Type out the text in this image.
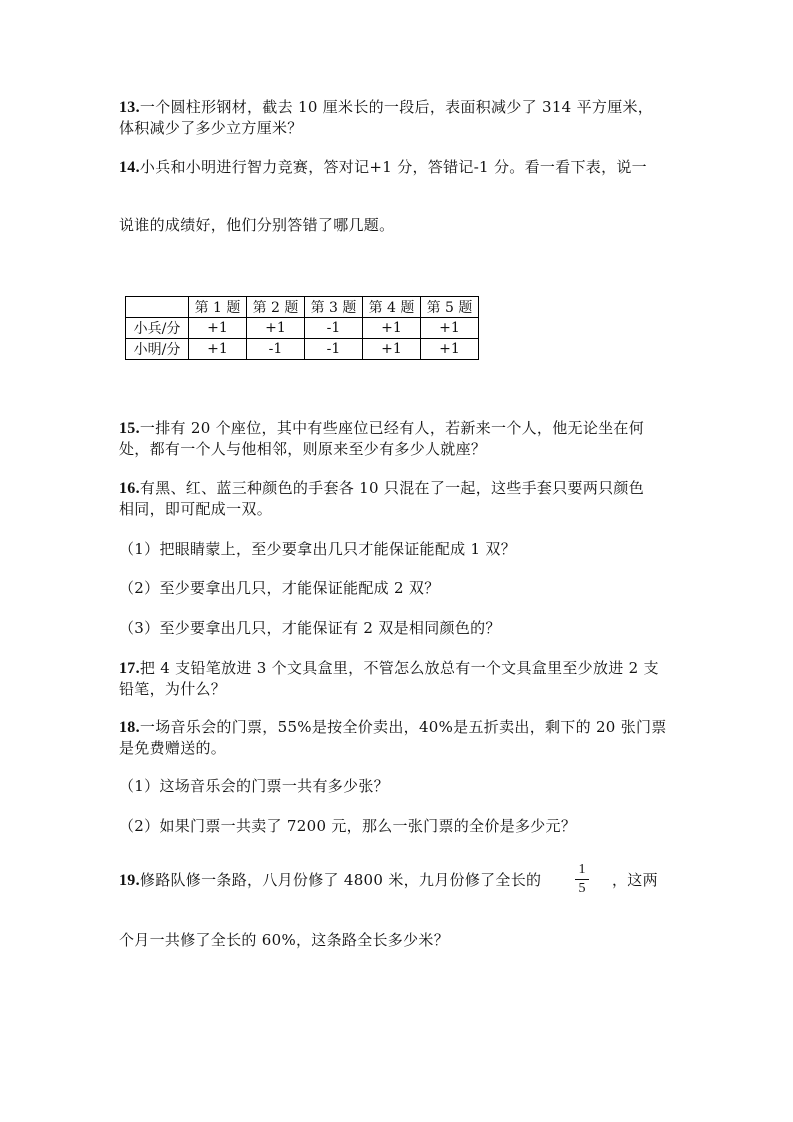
13.一个圆柱形钢材，截去 10 厘米长的一段后，表面积减少了 314 平方厘米，
体积减少了多少立方厘米？
14.小兵和小明进行智力竞赛，答对记+1 分，答错记-1 分。看一看下表，说一
说谁的成绩好，他们分别答错了哪几题。
	第 1 题	第 2 题	第 3 题	第 4 题	第 5 题
小兵/分	+1	+1	-1	+1	+1
小明/分	+1	-1	-1	+1	+1
15.一排有 20 个座位，其中有些座位已经有人，若新来一个人，他无论坐在何
处，都有一个人与他相邻，则原来至少有多少人就座？
16.有黑、红、蓝三种颜色的手套各 10 只混在了一起，这些手套只要两只颜色
相同，即可配成一双。
（1）把眼睛蒙上，至少要拿出几只才能保证能配成 1 双？
（2）至少要拿出几只，才能保证能配成 2 双？
（3）至少要拿出几只，才能保证有 2 双是相同颜色的？
17.把 4 支铅笔放进 3 个文具盒里，不管怎么放总有一个文具盒里至少放进 2 支
铅笔，为什么？
18.一场音乐会的门票，55%是按全价卖出，40%是五折卖出，剩下的 20 张门票
是免费赠送的。
（1）这场音乐会的门票一共有多少张？
（2）如果门票一共卖了 7200 元，那么一张门票的全价是多少元？
19.修路队修一条路，八月份修了 4800 米，九月份修了全长的
1
5	，这两
个月一共修了全长的 60%，这条路全长多少米？
